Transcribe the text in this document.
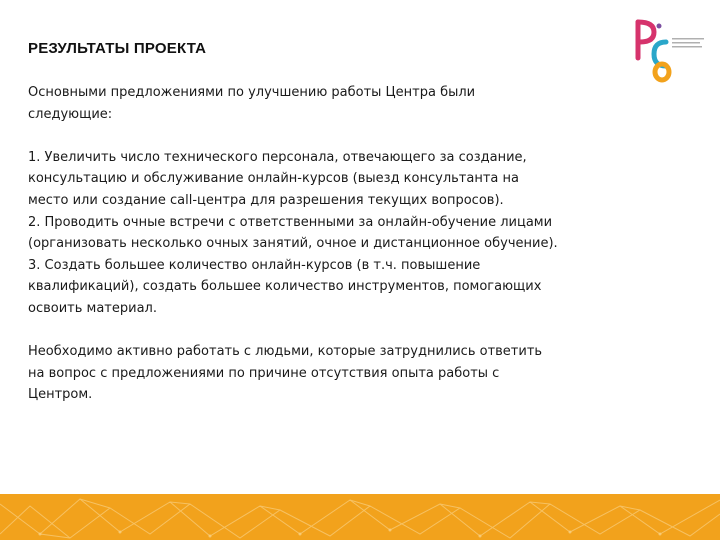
РЕЗУЛЬТАТЫ ПРОЕКТА

Основными предложениями по улучшению работы Центра были

следующие:

1. Увеличить число технического персонала, отвечающего за создание,

консультацию и обслуживание онлайн-курсов (выезд консультанта на

место или создание call-центра для разрешения текущих вопросов).

2. Проводить очные встречи с ответственными за онлайн-обучение лицами

(организовать несколько очных занятий, очное и дистанционное обучение).

3. Создать большее количество онлайн-курсов (в т.ч. повышение

квалификаций), создать большее количество инструментов, помогающих

освоить материал.

Необходимо активно работать с людьми, которые затруднились ответить

на вопрос с предложениями по причине отсутствия опыта работы с

Центром.
